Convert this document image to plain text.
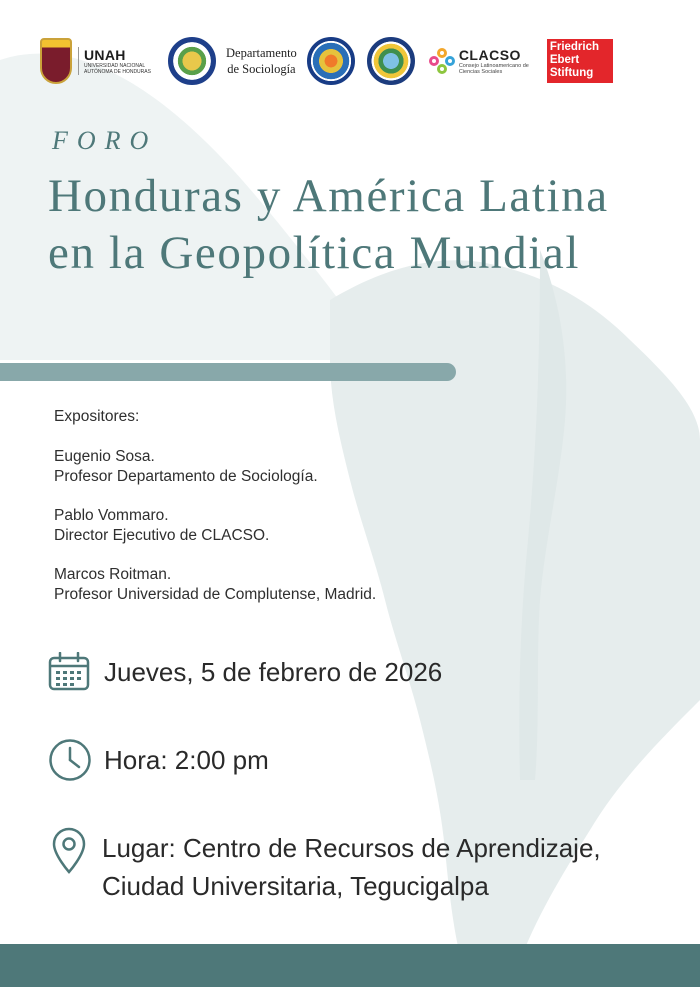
UNAH
UNIVERSIDAD NACIONAL AUTÓNOMA DE HONDURAS
Departamento
de Sociología
CLACSO
Consejo Latinoamericano de Ciencias Sociales
Friedrich
Ebert
Stiftung
FORO
Honduras y América Latina en la Geopolítica Mundial
Expositores:
Eugenio Sosa.
Profesor Departamento de Sociología.
Pablo Vommaro.
Director Ejecutivo de CLACSO.
Marcos Roitman.
Profesor Universidad de Complutense, Madrid.
Jueves, 5 de febrero de 2026
Hora: 2:00 pm
Lugar: Centro de Recursos de Aprendizaje,
Ciudad Universitaria, Tegucigalpa
